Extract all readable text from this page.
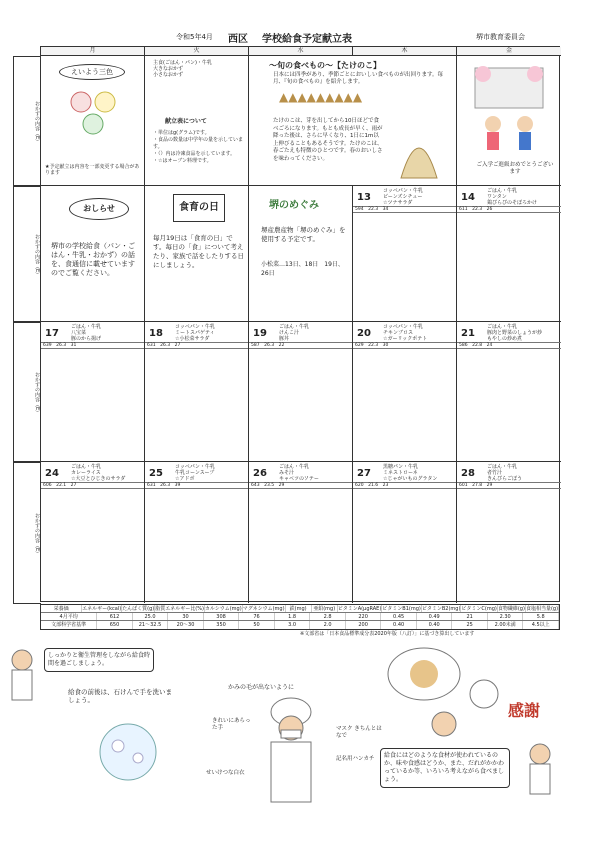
令和5年4月 西区 学校給食予定献立表	堺市教育委員会
月	火	水	木	金
おかずの内容（E）
えいよう三色
★予定献立は内容を一部変更する場合があります
主食(ごはん・パン)・牛乳
大きなおかず
小さなおかず
献立表について
・単位はg(グラム)です。
・食品の数量は中学年の量を示しています。
・（）内は冷凍食品を示しています。
・☆はオーブン料理です。
〜旬の食べもの〜【たけのこ】
日本には四季があり、季節ごとにおいしい食べものが出回ります。毎月、『旬の食べもの』を紹介します。
▲▲▲▲▲▲▲▲▲
たけのこは、芽を出してから10日ほどで食べごろになります。もとも成長が早く、雨が降った後は、さらに早くなり、1日に1m以上伸びることもあるそうです。たけのこは、春ごたえも特徴のひとつです。春のおいしさを味わってください。
ご入学ご進級おめでとうございます
おかずの内容（E）
おしらせ
堺市の学校給食（パン・ごはん・牛乳・おかず）の話を、食通信に載せていますのでご覧ください。
食育の日
毎月19日は「食育の日」です。毎日の「食」について考えたり、家族で話をしたりする日にしましょう。
堺のめぐみ
堺産農産物「堺のめぐみ」を使用する予定です。
小松菜…13日、18日　19日、26日
13
コッペパン・牛乳
ビーンズシチュー
☆ツナサラダ
594　22.3　34
14
ごはん・牛乳
ワンタン
鶏ぴらぴのそぼろかけ
611　22.3　26
おかずの内容（E）
17
ごはん・牛乳
八宝菜
豚のから揚げ
639　26.3　31
18
コッペパン・牛乳
ミートスパゲティ
☆小松菜サラダ
631　26.3　27
19
ごはん・牛乳
けんこ汁
豚丼
587　26.3　22
20
コッペパン・牛乳
チキンブロス
☆ガーリックポテト
629　22.3　30
21
ごはん・牛乳
豚肉と野菜のしょうが炒
もやしの炒め煮
586　22.8　24
おかずの内容（E）
24
ごはん・牛乳
カレーライス
☆大豆とひじきのサラダ
606　22.1　27
25
コッペパン・牛乳
牛乳コーンスープ
☆アドボ
631　26.3　39
26
ごはん・牛乳
みそ汁
キャベツのソテー
643　23.5　29
27
黒糖パン・牛乳
ミネストローネ
☆じゃがいものグラタン
620　21.6　23
28
ごはん・牛乳
者竹汁
きんぴらごぼう
601　27.8　29
栄養価	エネルギー(kcal) たんぱく質(g) 脂質エネルギー比(%) カルシウム(mg) マグネシウム(mg)	鉄(mg)	亜鉛(mg) ビタミンA(μgRAE) ビタミンB1(mg) ビタミンB2(mg) ビタミンC(mg) 食物繊維(g) 食塩相当量(g)
4月平均	612	25.0	30	308	76	1.8	2.8	220	0.45	0.49	21	2.30	5.8
文部科学省基準	650	21〜32.5	20〜30	350	50	3.0	2.0	200	0.40	0.40	25	2.00未満	4.5以上
※文部省は「日本食品標準成分表2020年版（八訂）」に基づき算出しています
しっかりと衛生管理をしながら給食時間を過ごしましょう。
給食の前後は、石けんで手を洗いましょう。
かみの毛が出ないように
きれいにあらった手	マスク きちんとはなで
せいけつな白衣
記名用ハンカチ
感謝
給食にはどのような食材が使われているのか、味や食感はどうか、また、だれがかかわっているか等、いろいろ考えながら食べましょう。
